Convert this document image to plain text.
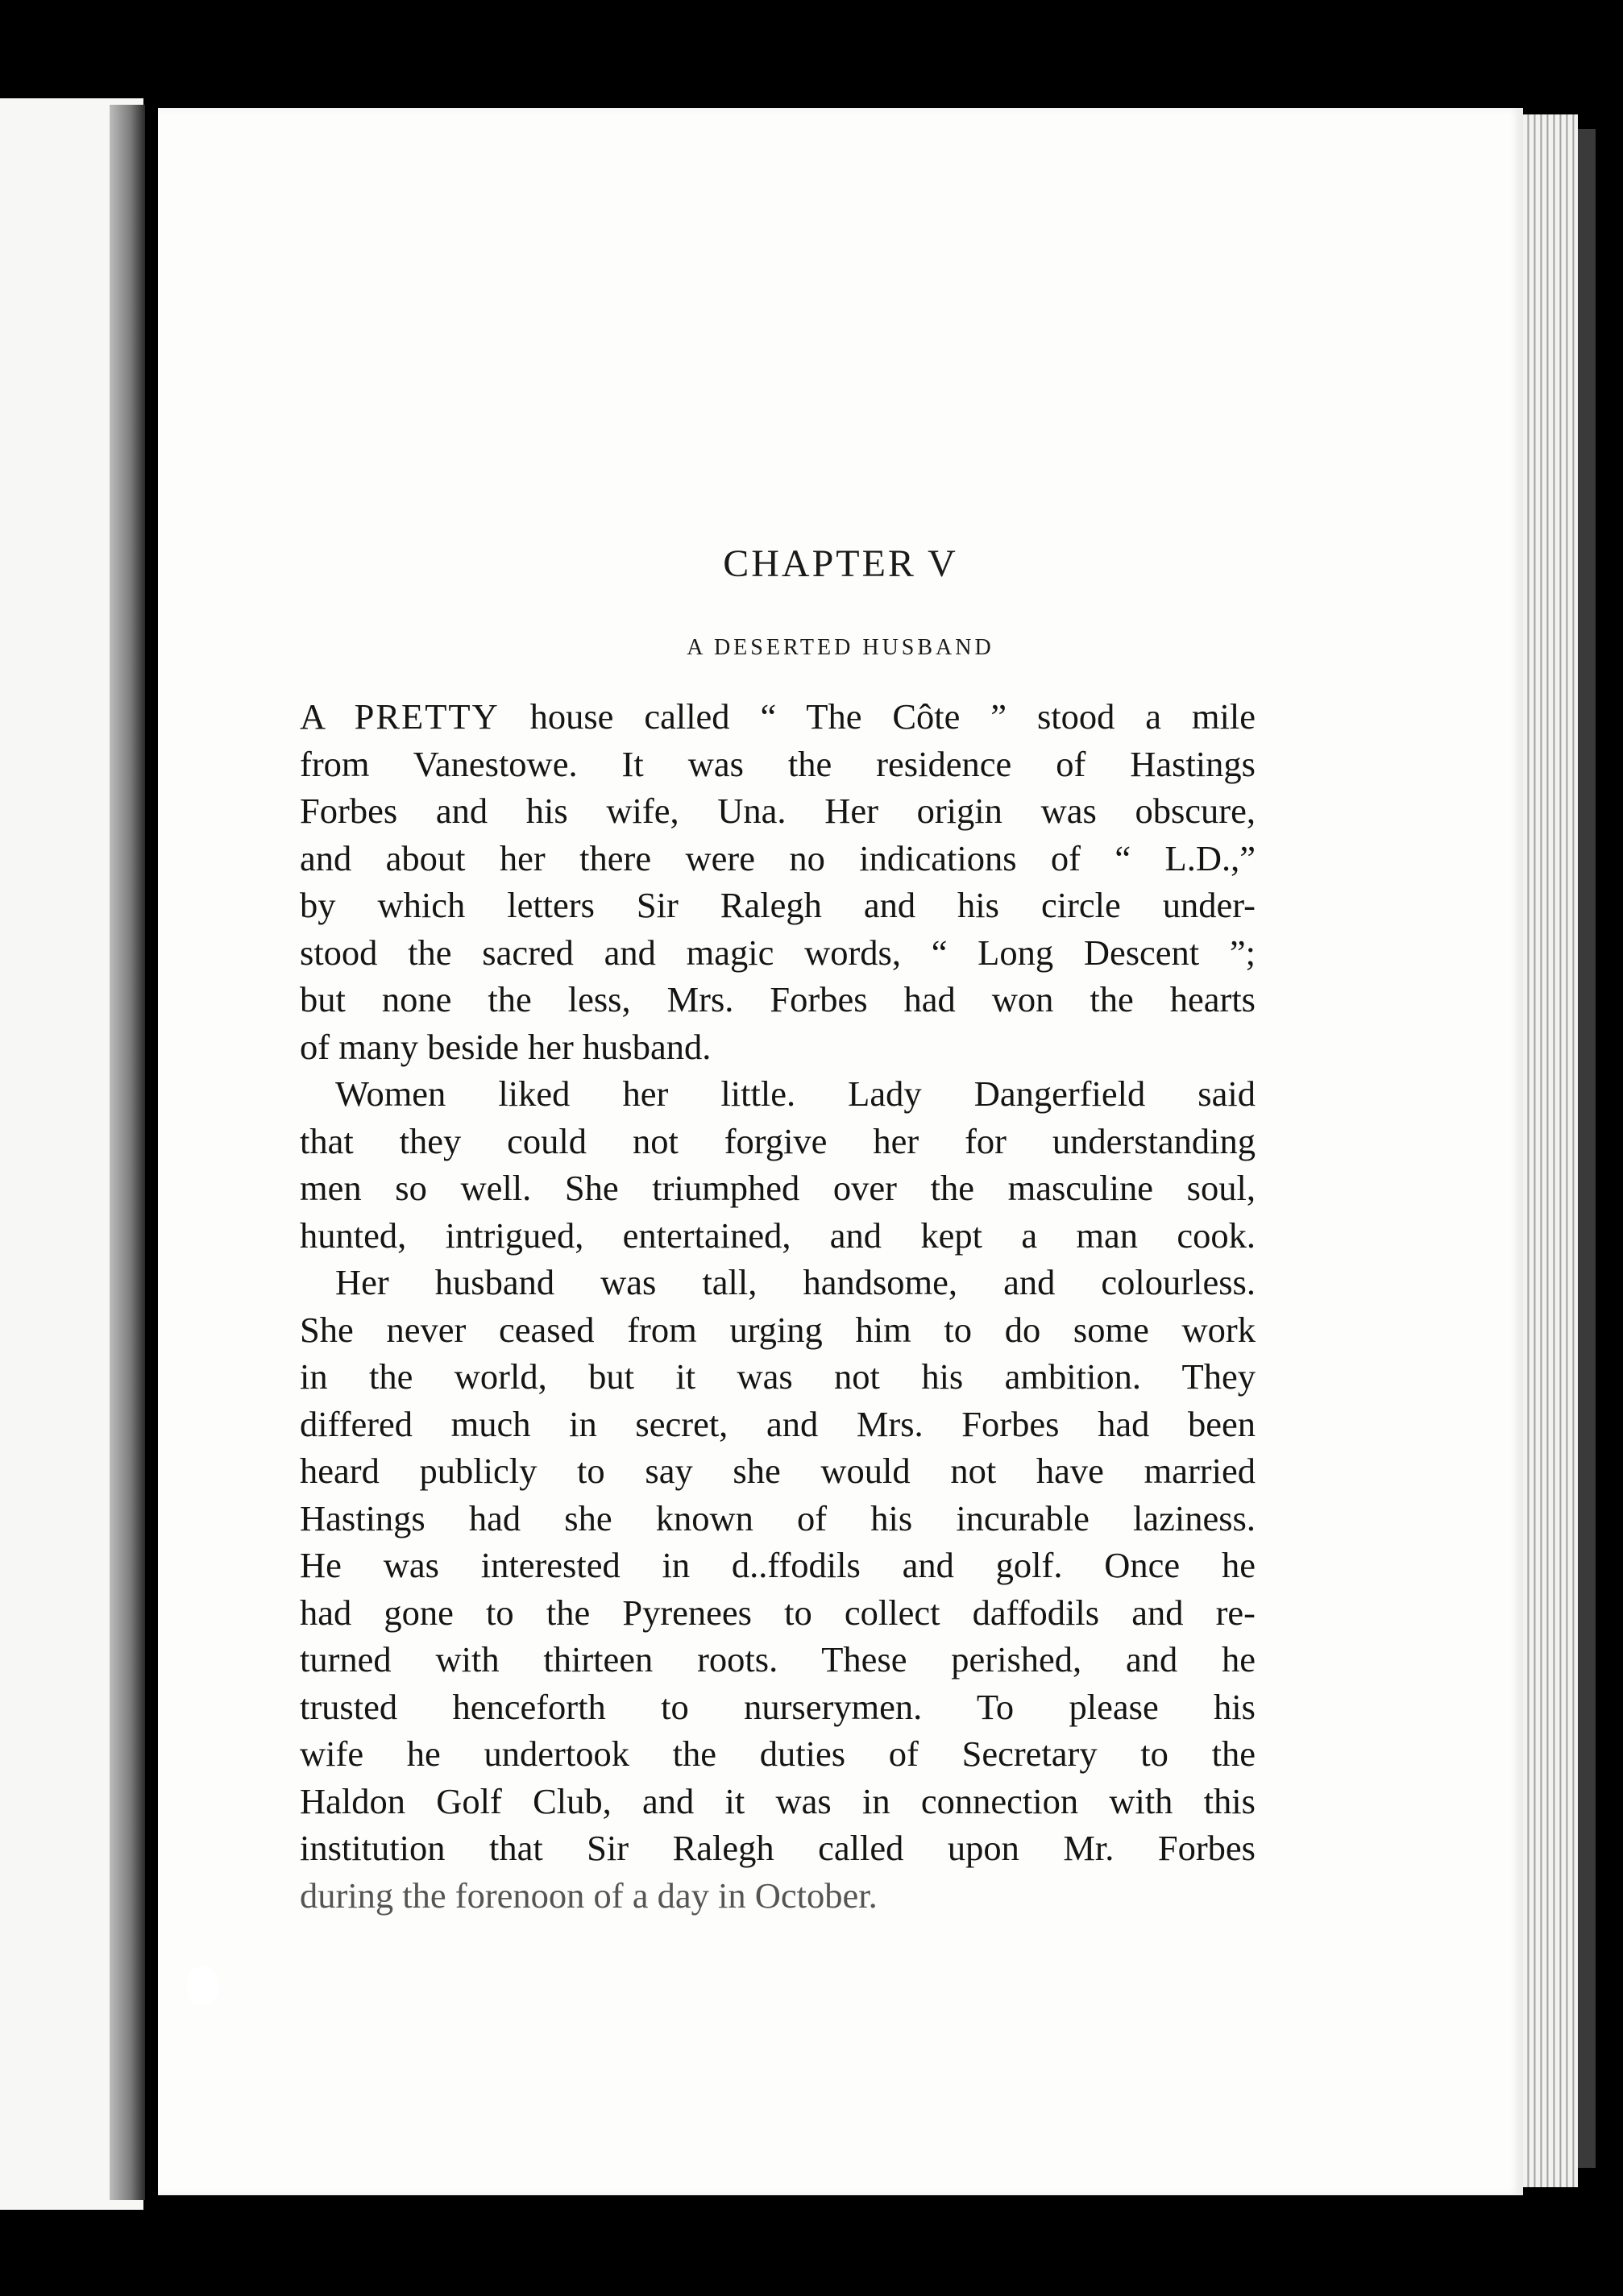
CHAPTER V
A DESERTED HUSBAND
A PRETTY house called “ The Côte ” stood a mile
from Vanestowe. It was the residence of Hastings
Forbes and his wife, Una. Her origin was obscure,
and about her there were no indications of “ L.D.,”
by which letters Sir Ralegh and his circle under-
stood the sacred and magic words, “ Long Descent ”;
but none the less, Mrs. Forbes had won the hearts
of many beside her husband.
Women liked her little. Lady Dangerfield said
that they could not forgive her for understanding
men so well. She triumphed over the masculine soul,
hunted, intrigued, entertained, and kept a man cook.
Her husband was tall, handsome, and colourless.
She never ceased from urging him to do some work
in the world, but it was not his ambition. They
differed much in secret, and Mrs. Forbes had been
heard publicly to say she would not have married
Hastings had she known of his incurable laziness.
He was interested in d..ffodils and golf. Once he
had gone to the Pyrenees to collect daffodils and re-
turned with thirteen roots. These perished, and he
trusted henceforth to nurserymen. To please his
wife he undertook the duties of Secretary to the
Haldon Golf Club, and it was in connection with this
institution that Sir Ralegh called upon Mr. Forbes
during the forenoon of a day in October.
